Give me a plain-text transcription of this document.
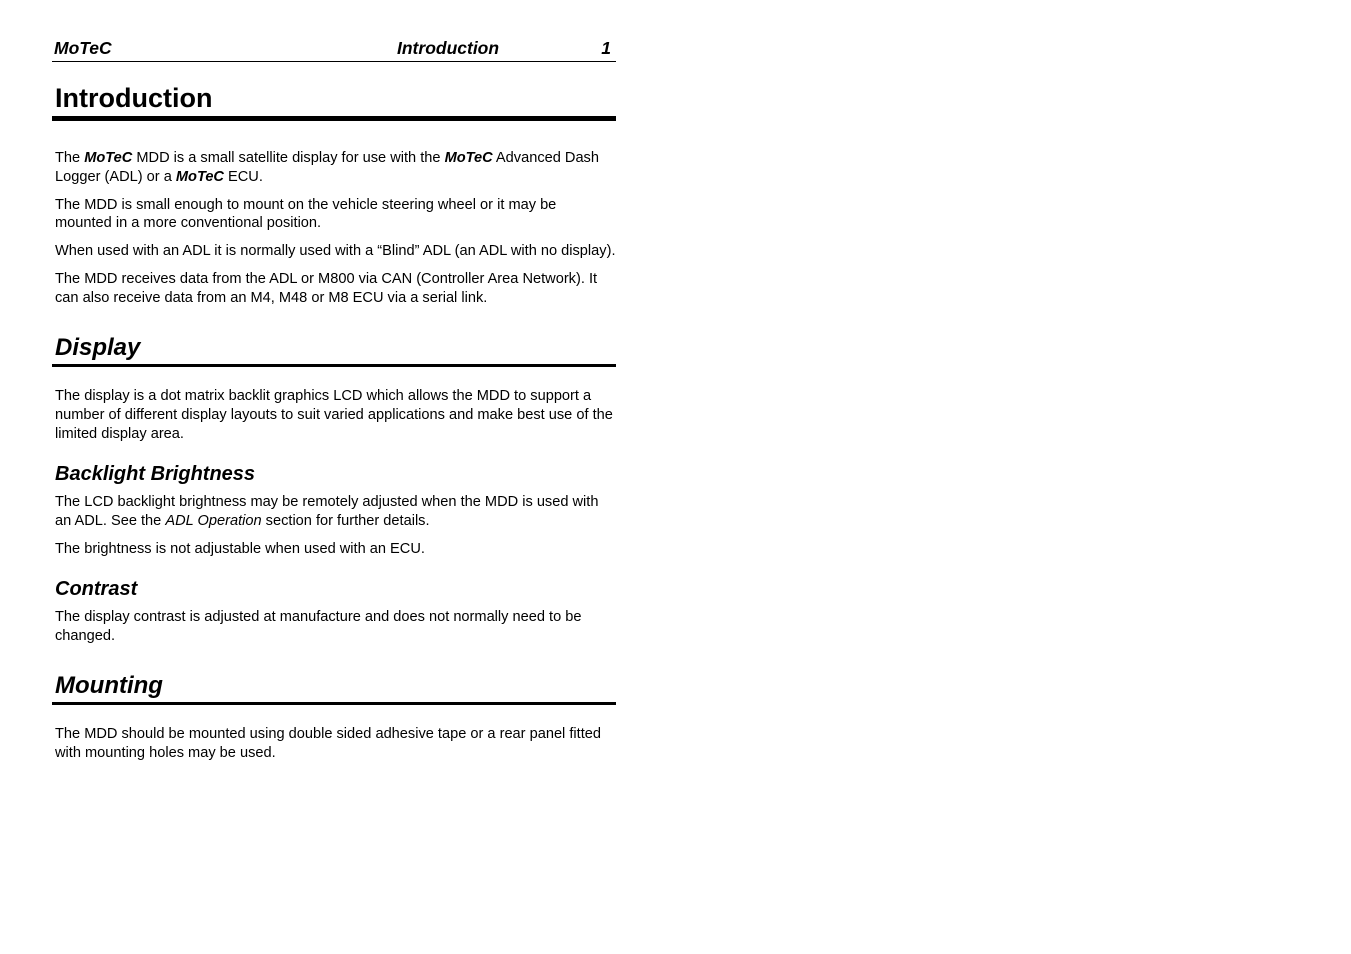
MoTeC	Introduction	1
Introduction

The MoTeC MDD is a small satellite display for use with the MoTeC Advanced Dash Logger (ADL) or a MoTeC ECU.

The MDD is small enough to mount on the vehicle steering wheel or it may be mounted in a more conventional position.

When used with an ADL it is normally used with a “Blind” ADL (an ADL with no display).

The MDD receives data from the ADL or M800 via CAN (Controller Area Network). It can also receive data from an M4, M48 or M8 ECU via a serial link.

Display

The display is a dot matrix backlit graphics LCD which allows the MDD to support a number of different display layouts to suit varied applications and make best use of the limited display area.

Backlight Brightness

The LCD backlight brightness may be remotely adjusted when the MDD is used with an ADL. See the ADL Operation section for further details.

The brightness is not adjustable when used with an ECU.

Contrast

The display contrast is adjusted at manufacture and does not normally need to be changed.

Mounting

The MDD should be mounted using double sided adhesive tape or a rear panel fitted with mounting holes may be used.
